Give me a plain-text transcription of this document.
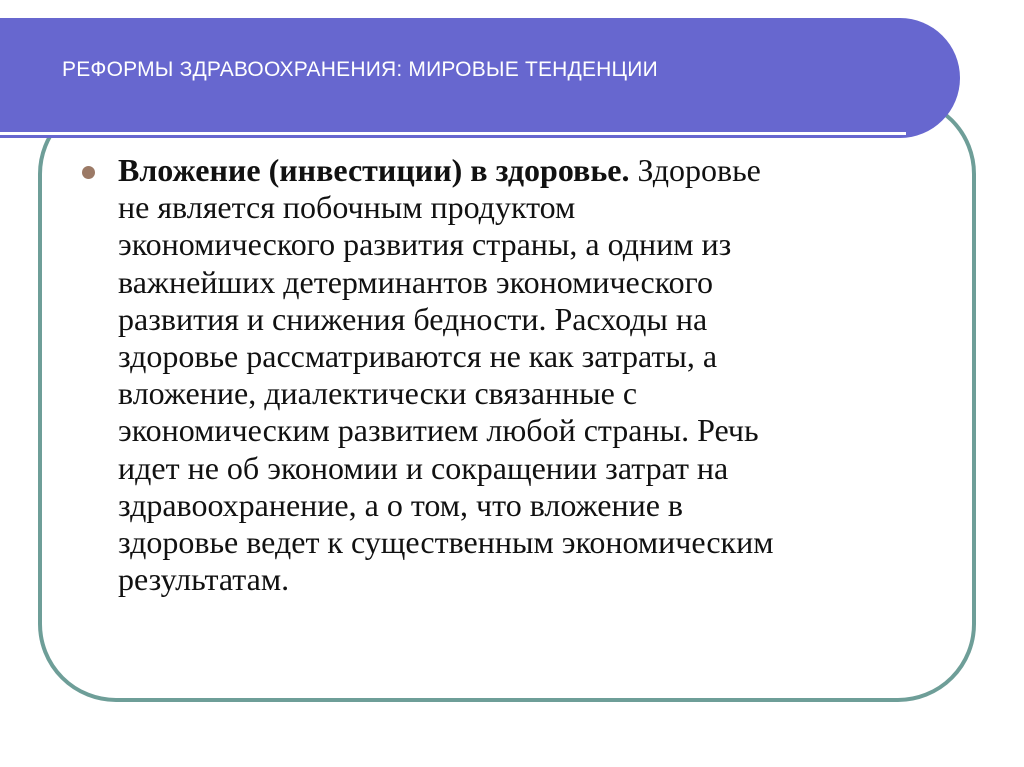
РЕФОРМЫ ЗДРАВООХРАНЕНИЯ: МИРОВЫЕ ТЕНДЕНЦИИ
Вложение (инвестиции) в здоровье. Здоровье
не является побочным продуктом
экономического развития страны, а одним из
важнейших детерминантов экономического
развития и снижения бедности. Расходы на
здоровье рассматриваются не как затраты, а
вложение, диалектически связанные с
экономическим развитием любой страны. Речь
идет не об экономии и сокращении затрат на
здравоохранение, а о том, что вложение в
здоровье ведет к существенным экономическим
результатам.
